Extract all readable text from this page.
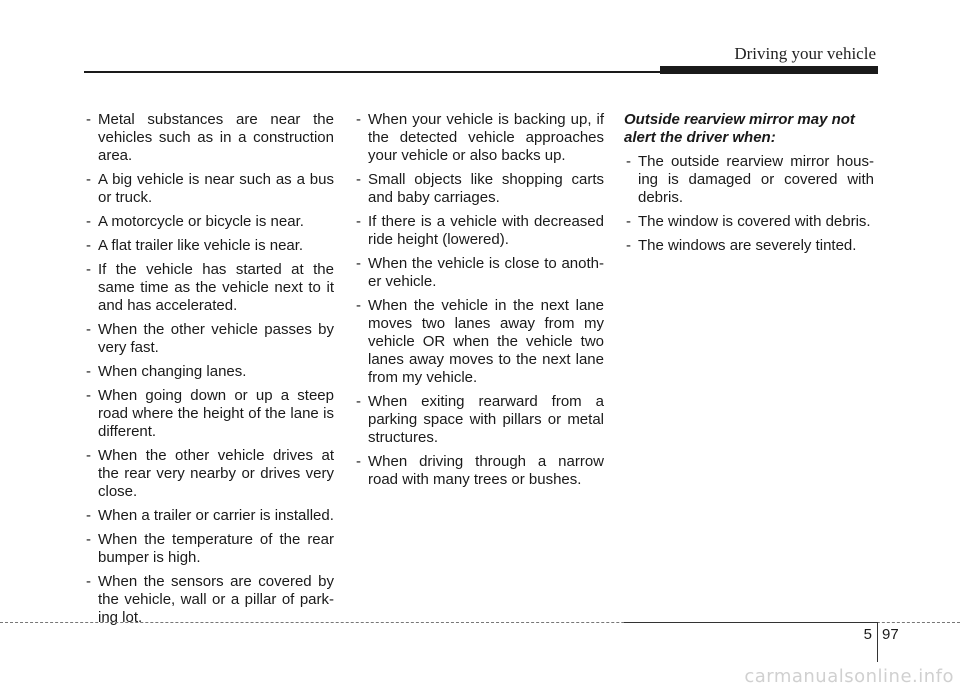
Driving your vehicle
- Metal substances are near the vehicles such as in a construction area.
- A big vehicle is near such as a bus or truck.
- A motorcycle or bicycle is near.
- A flat trailer like vehicle is near.
- If the vehicle has started at the same time as the vehicle next to it and has accelerated.
- When the other vehicle passes by very fast.
- When changing lanes.
- When going down or up a steep road where the height of the lane is different.
- When the other vehicle drives at the rear very nearby or drives very close.
- When a trailer or carrier is installed.
- When the temperature of the rear bumper is high.
- When the sensors are covered by the vehicle, wall or a pillar of park-ing lot.
- When your vehicle is backing up, if the detected vehicle approaches your vehicle or also backs up.
- Small objects like shopping carts and baby carriages.
- If there is a vehicle with decreased ride height (lowered).
- When the vehicle is close to anoth-er vehicle.
- When the vehicle in the next lane moves two lanes away from my vehicle OR when the vehicle two lanes away moves to the next lane from my vehicle.
- When exiting rearward from a parking space with pillars or metal structures.
- When driving through a narrow road with many trees or bushes.
Outside rearview mirror may not alert the driver when:
- The outside rearview mirror hous-ing is damaged or covered with debris.
- The window is covered with debris.
- The windows are severely tinted.
5 97
carmanualsonline.info
